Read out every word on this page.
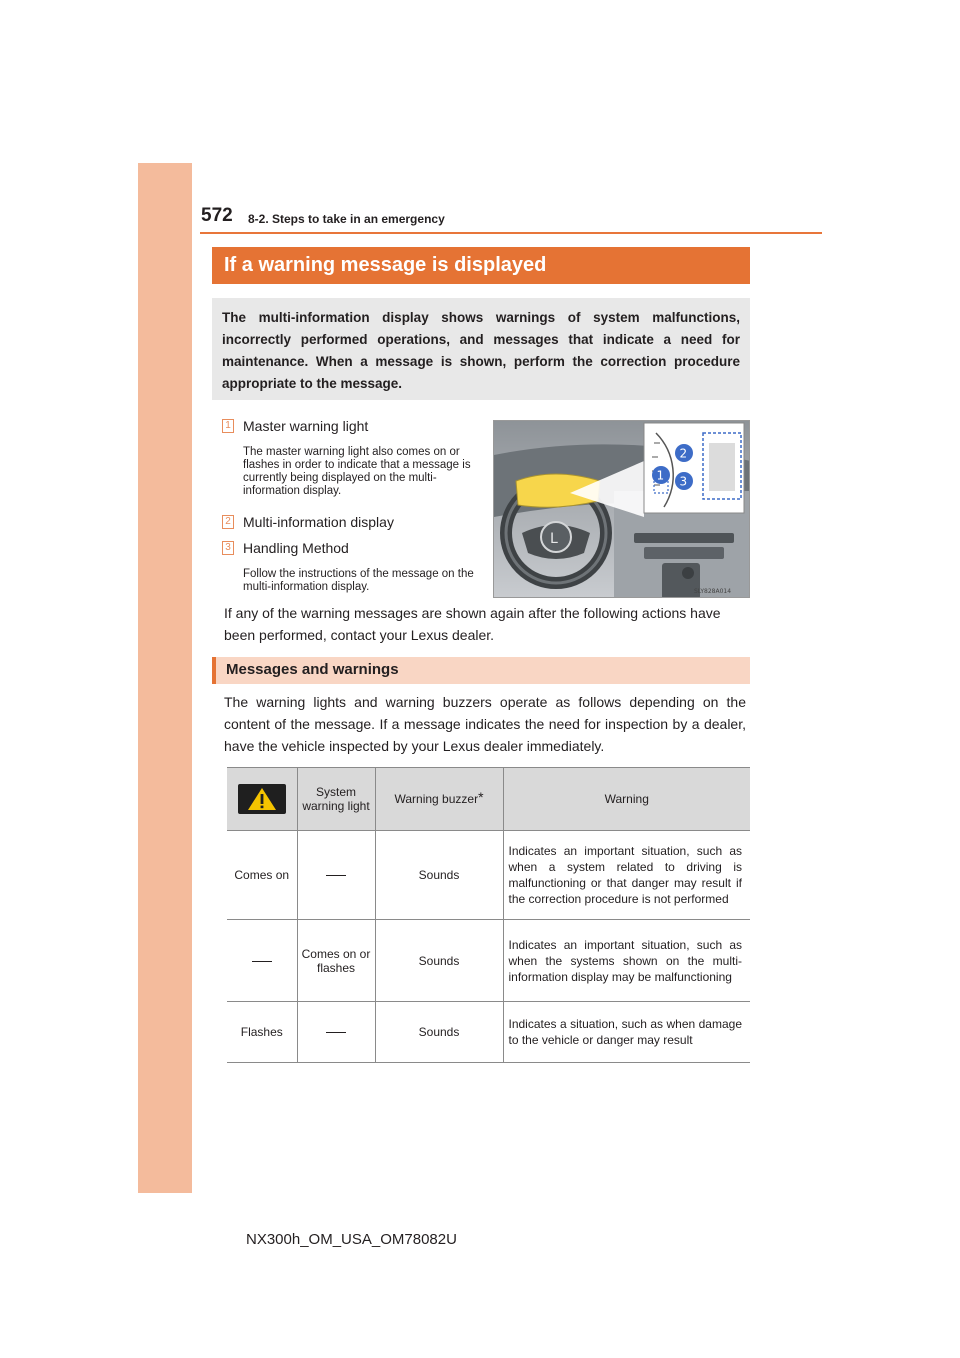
572 8-2. Steps to take in an emergency
If a warning message is displayed

The multi-information display shows warnings of system malfunctions, incorrectly performed operations, and messages that indicate a need for maintenance. When a message is shown, perform the correction procedure appropriate to the message.

1 Master warning light

The master warning light also comes on or flashes in order to indicate that a message is currently being displayed on the multi-information display.

2 Multi-information display
3 Handling Method

Follow the instructions of the message on the multi-information display.

L
2
1 3
SLY828A014

If any of the warning messages are shown again after the following actions have been performed, contact your Lexus dealer.

Messages and warnings

The warning lights and warning buzzers operate as follows depending on the content of the message. If a message indicates the need for inspection by a dealer, have the vehicle inspected by your Lexus dealer immediately.

	System warning light	Warning buzzer*	Warning
Comes on		Sounds	Indicates an important situation, such as when a system related to driving is malfunctioning or that danger may result if the correction procedure is not performed
	Comes on or flashes	Sounds	Indicates an important situation, such as when the systems shown on the multi-information display may be malfunctioning
Flashes		Sounds	Indicates a situation, such as when damage to the vehicle or danger may result
NX300h_OM_USA_OM78082U
